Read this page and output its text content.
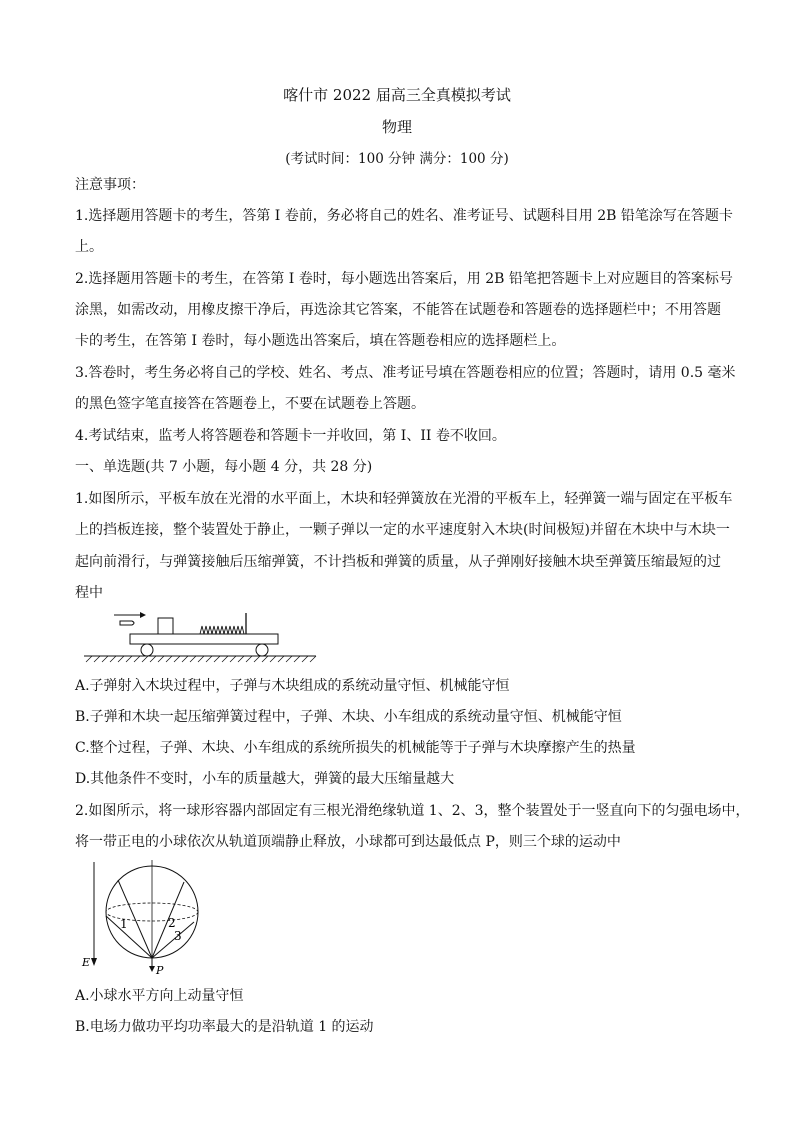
喀什市 2022 届高三全真模拟考试
物理
(考试时间：100 分钟 满分：100 分)
注意事项：
1.选择题用答题卡的考生，答第 I 卷前，务必将自己的姓名、准考证号、试题科目用 2B 铅笔涂写在答题卡
上。
2.选择题用答题卡的考生，在答第 I 卷时，每小题选出答案后，用 2B 铅笔把答题卡上对应题目的答案标号
涂黑，如需改动，用橡皮擦干净后，再选涂其它答案，不能答在试题卷和答题卷的选择题栏中；不用答题
卡的考生，在答第 I 卷时，每小题选出答案后，填在答题卷相应的选择题栏上。
3.答卷时，考生务必将自己的学校、姓名、考点、准考证号填在答题卷相应的位置；答题时，请用 0.5 毫米
的黑色签字笔直接答在答题卷上，不要在试题卷上答题。
4.考试结束，监考人将答题卷和答题卡一并收回，第 I、II 卷不收回。
一、单选题(共 7 小题，每小题 4 分，共 28 分)
1.如图所示，平板车放在光滑的水平面上，木块和轻弹簧放在光滑的平板车上，轻弹簧一端与固定在平板车
上的挡板连接，整个装置处于静止，一颗子弹以一定的水平速度射入木块(时间极短)并留在木块中与木块一
起向前滑行，与弹簧接触后压缩弹簧，不计挡板和弹簧的质量，从子弹刚好接触木块至弹簧压缩最短的过
程中
A.子弹射入木块过程中，子弹与木块组成的系统动量守恒、机械能守恒
B.子弹和木块一起压缩弹簧过程中，子弹、木块、小车组成的系统动量守恒、机械能守恒
C.整个过程，子弹、木块、小车组成的系统所损失的机械能等于子弹与木块摩擦产生的热量
D.其他条件不变时，小车的质量越大，弹簧的最大压缩量越大
2.如图所示，将一球形容器内部固定有三根光滑绝缘轨道 1、2、3，整个装置处于一竖直向下的匀强电场中，
将一带正电的小球依次从轨道顶端静止释放，小球都可到达最低点 P，则三个球的运动中
A.小球水平方向上动量守恒
B.电场力做功平均功率最大的是沿轨道 1 的运动
E
P
1	2
3
